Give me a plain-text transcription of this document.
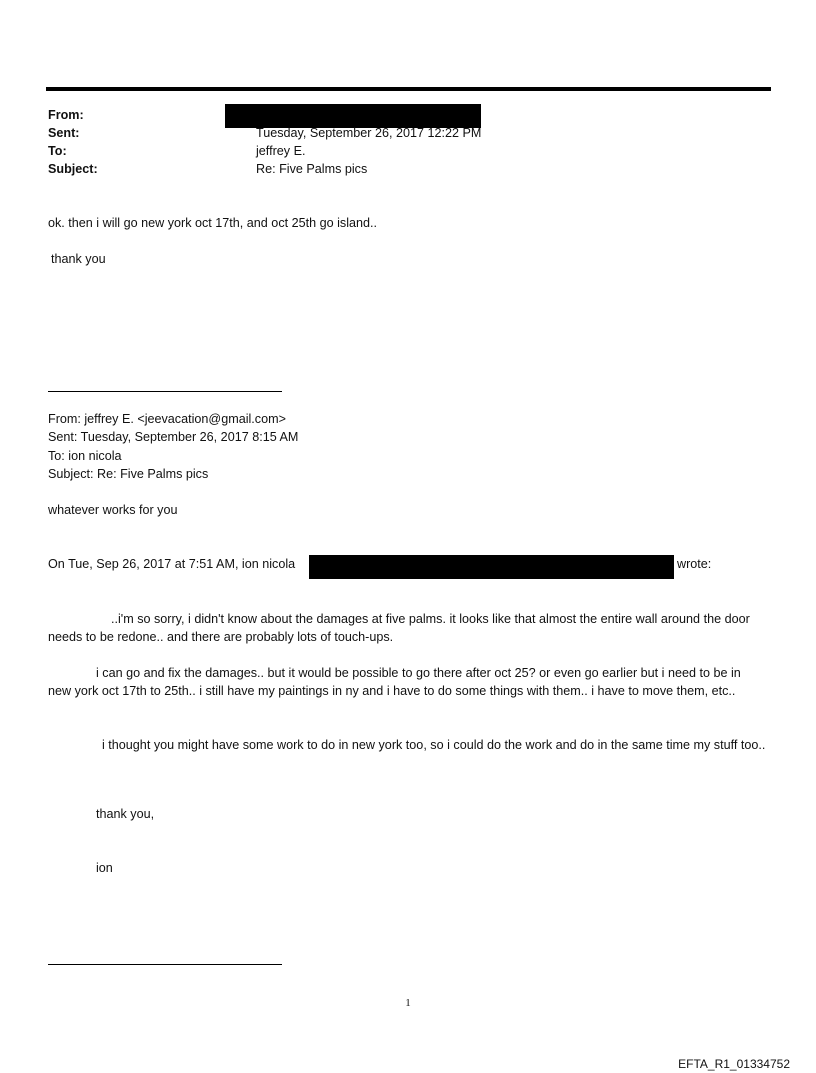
From:
Sent:	Tuesday, September 26, 2017 12:22 PM
To:	jeffrey E.
Subject:	Re: Five Palms pics
ok. then i will go new york oct 17th, and oct 25th go island..
thank you
From: jeffrey E. <jeevacation@gmail.com>
Sent: Tuesday, September 26, 2017 8:15 AM
To: ion nicola
Subject: Re: Five Palms pics
whatever works for you
On Tue, Sep 26, 2017 at 7:51 AM, ion nicola	wrote:
..i'm so sorry, i didn't know about the damages at five palms. it looks like that almost the entire wall around the door needs to be redone.. and there are probably lots of touch-ups.
i can go and fix the damages.. but it would be possible to go there after oct 25? or even go earlier but i need to be in new york oct 17th to 25th.. i still have my paintings in ny and i have to do some things with them.. i have to move them, etc..
i thought you might have some work to do in new york too, so i could do the work and do in the same time my stuff too..
thank you,
ion
1
EFTA_R1_01334752
